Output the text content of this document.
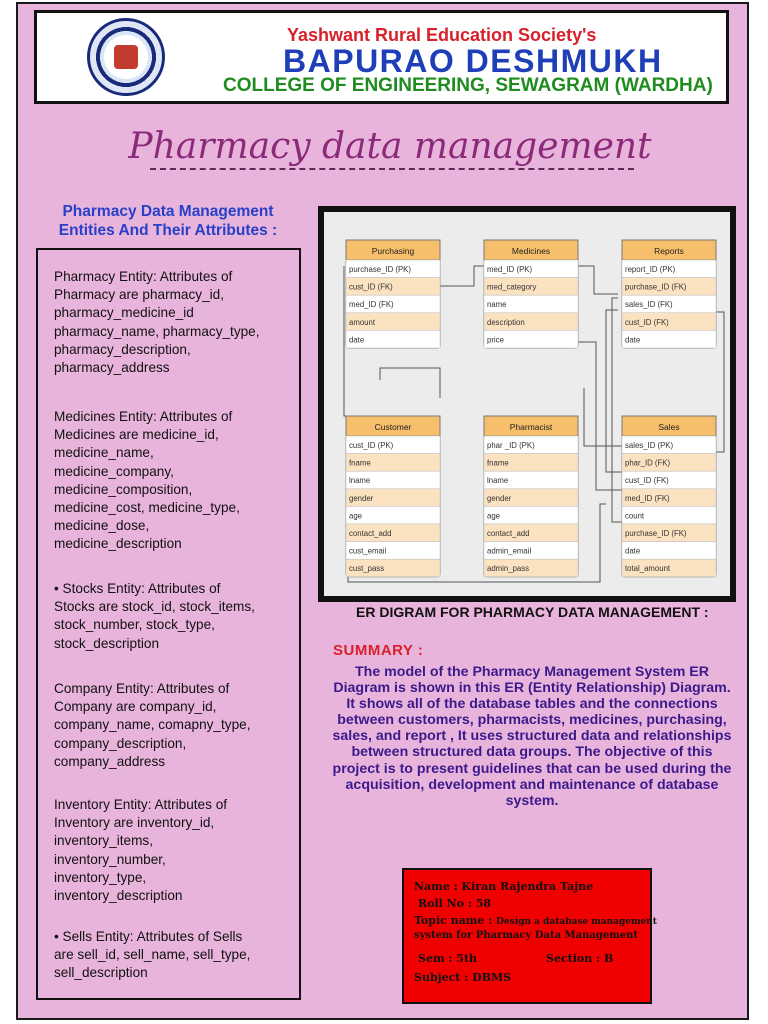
Yashwant Rural Education Society's
BAPURAO DESHMUKH
COLLEGE OF ENGINEERING, SEWAGRAM (WARDHA)
Pharmacy data management
Pharmacy Data Management Entities And Their Attributes :
Pharmacy Entity: Attributes of
Pharmacy are pharmacy_id,
pharmacy_medicine_id
pharmacy_name, pharmacy_type,
pharmacy_description,
pharmacy_address
Medicines Entity: Attributes of
Medicines are medicine_id,
medicine_name,
medicine_company,
medicine_composition,
medicine_cost, medicine_type,
medicine_dose,
medicine_description
• Stocks Entity: Attributes of
Stocks are stock_id, stock_items,
stock_number, stock_type,
stock_description
Company Entity: Attributes of
Company are company_id,
company_name, comapny_type,
company_description,
company_address
Inventory Entity: Attributes of
Inventory are inventory_id,
inventory_items,
inventory_number,
inventory_type,
inventory_description
• Sells Entity: Attributes of Sells
are sell_id, sell_name, sell_type,
sell_description
Purchasing
purchase_ID (PK)
cust_ID (FK)
med_ID (FK)
amount
date
Medicines
med_ID (PK)
med_category
name
description
price
Reports
report_ID (PK)
purchase_ID (FK)
sales_ID (FK)
cust_ID (FK)
date
Customer
cust_ID (PK)
fname
lname
gender
age
contact_add
cust_email
cust_pass
Pharmacist
phar _ID (PK)
fname
lname
gender
age
contact_add
admin_email
admin_pass
Sales
sales_ID (PK)
phar_ID (FK)
cust_ID (FK)
med_ID (FK)
count
purchase_ID (FK)
date
total_amount
ER DIGRAM FOR PHARMACY DATA MANAGEMENT :
SUMMARY :
The model of the Pharmacy Management System ER Diagram is shown in this ER (Entity Relationship) Diagram. It shows all of the database tables and the connections between customers, pharmacists, medicines, purchasing, sales, and report , It uses structured data and relationships between structured data groups. The objective of this project is to present guidelines that can be used during the acquisition, development and maintenance of database system.
Name : Kiran Rajendra Tajne
Roll No : 58
Topic name : Design a database management
system for Pharmacy Data Management
Sem : 5th	Section : B
Subject : DBMS
